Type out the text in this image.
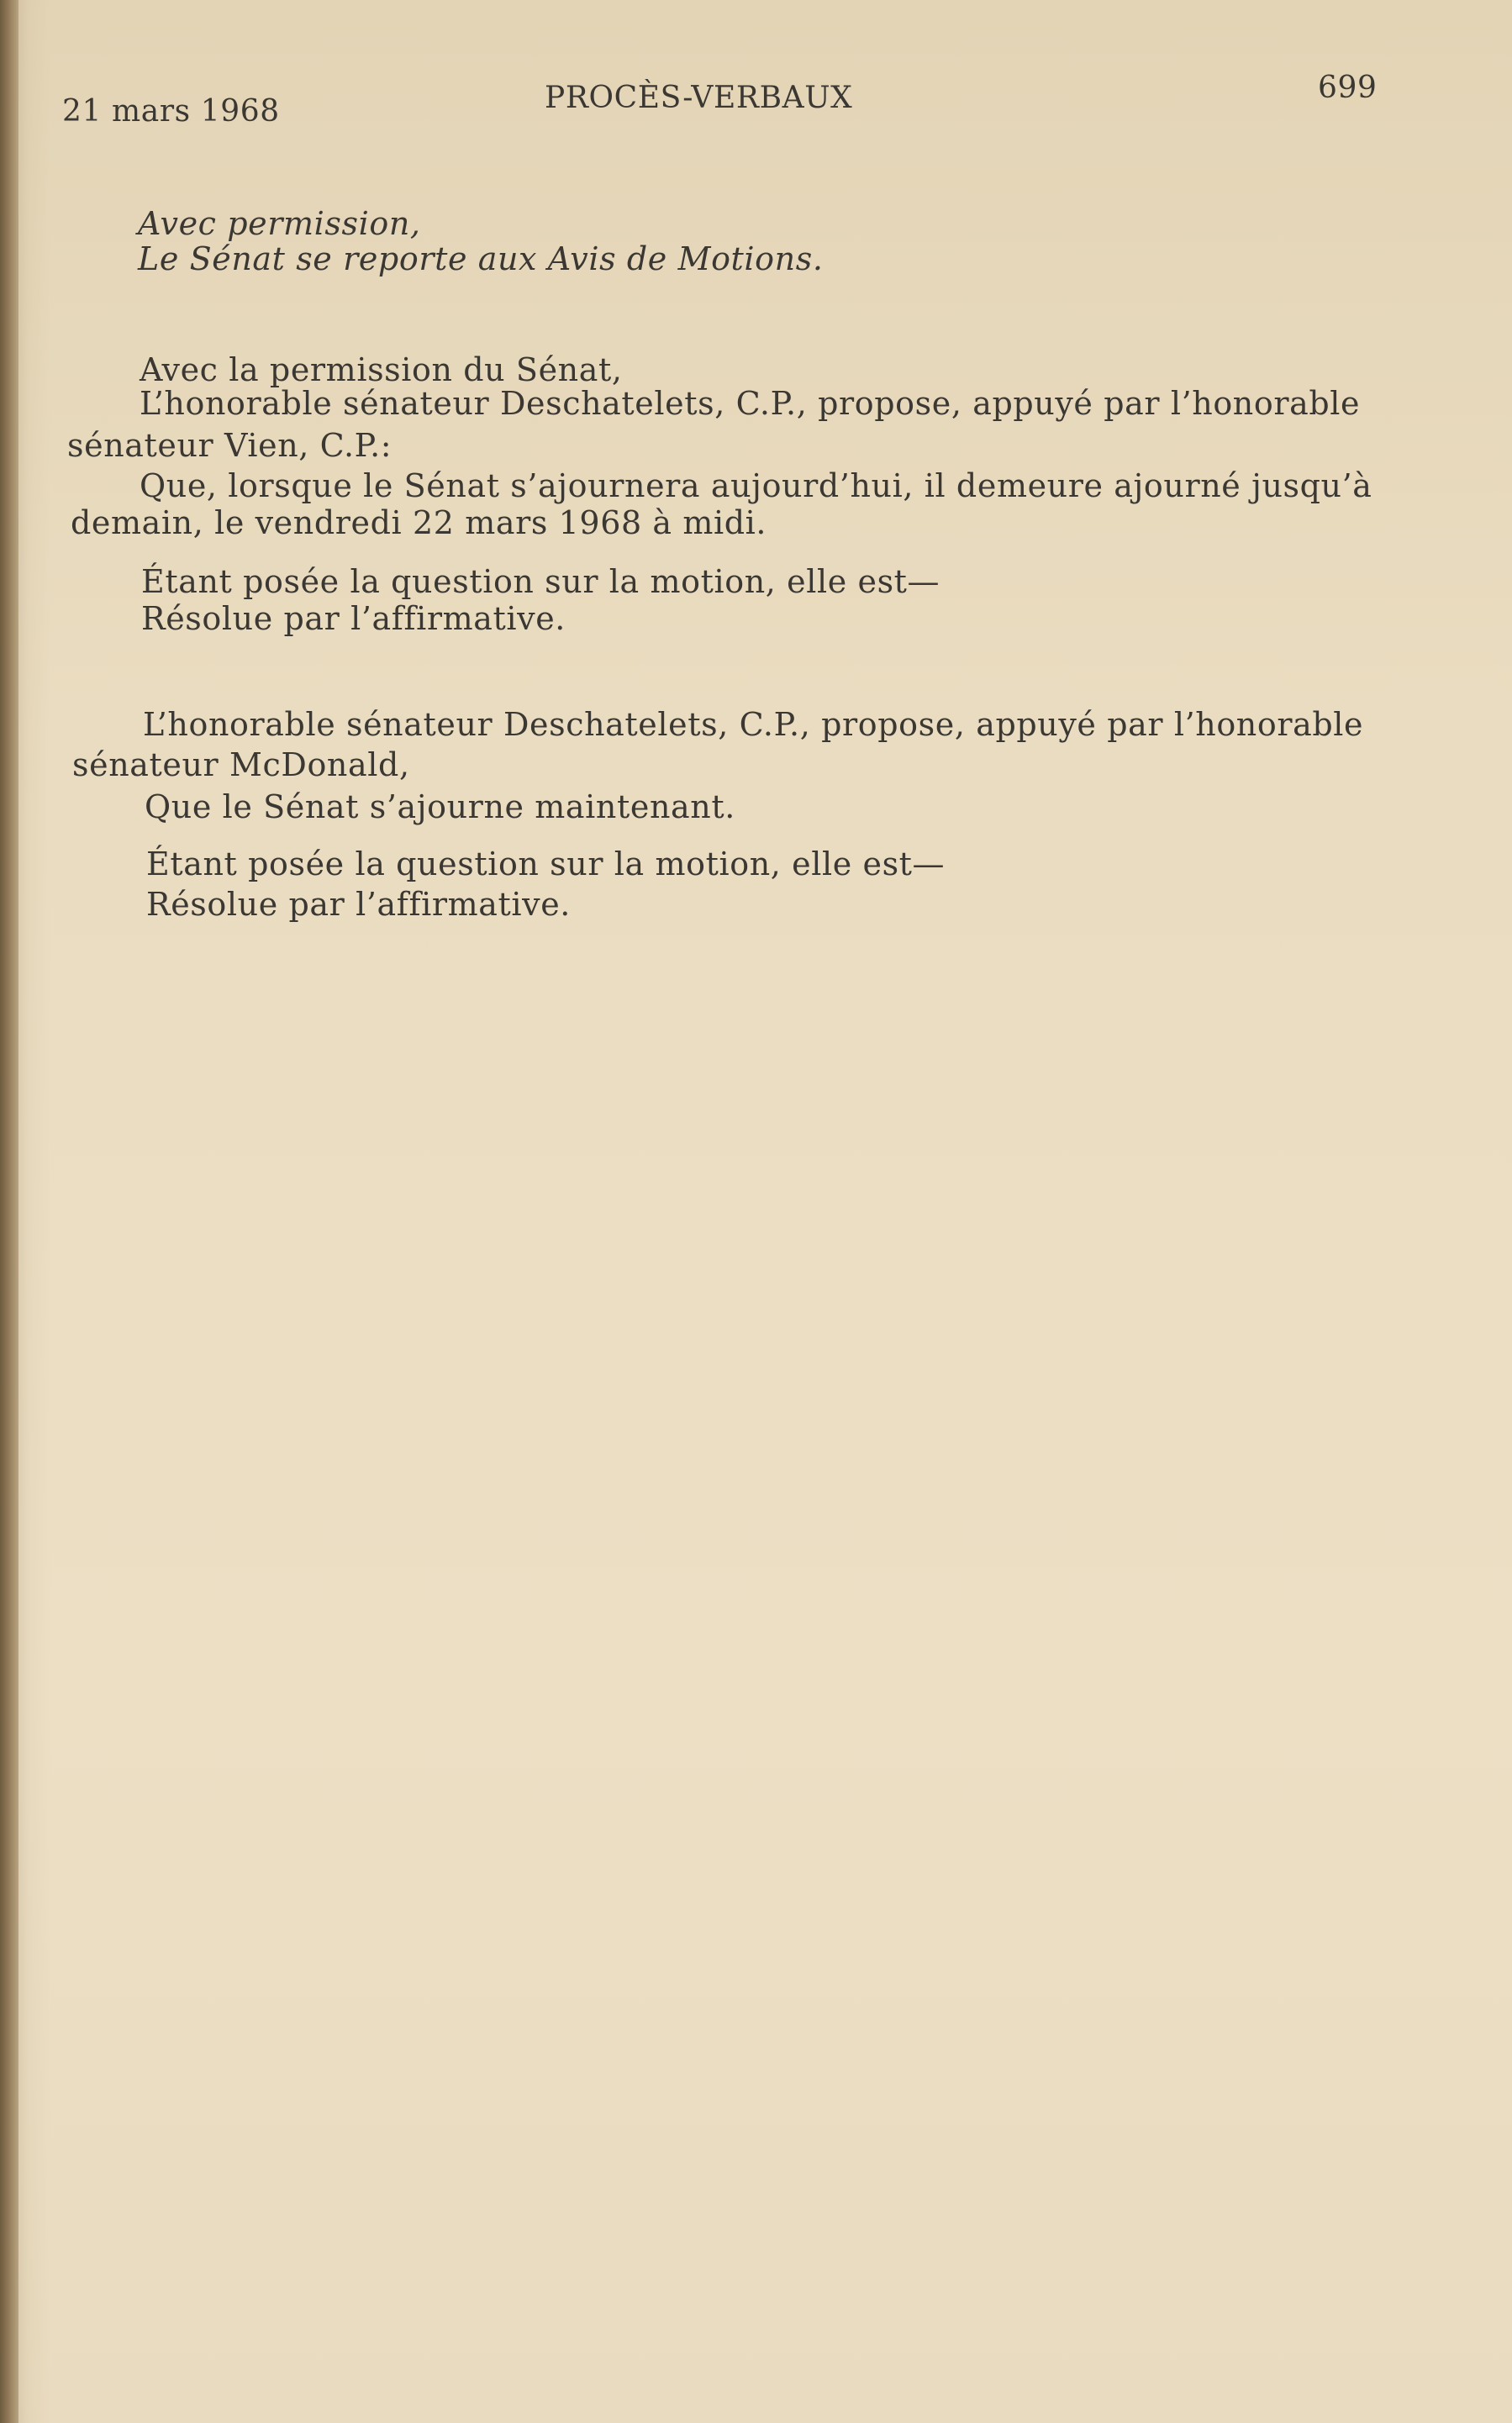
21 mars 1968	PROCÈS-VERBAUX	699
Avec permission,
Le Sénat se reporte aux Avis de Motions.
Avec la permission du Sénat,
L’honorable sénateur Deschatelets, C.P., propose, appuyé par l’honorable
sénateur Vien, C.P.:
Que, lorsque le Sénat s’ajournera aujourd’hui, il demeure ajourné jusqu’à
demain, le vendredi 22 mars 1968 à midi.
Étant posée la question sur la motion, elle est—
Résolue par l’affirmative.
L’honorable sénateur Deschatelets, C.P., propose, appuyé par l’honorable
sénateur McDonald,
Que le Sénat s’ajourne maintenant.
Étant posée la question sur la motion, elle est—
Résolue par l’affirmative.
